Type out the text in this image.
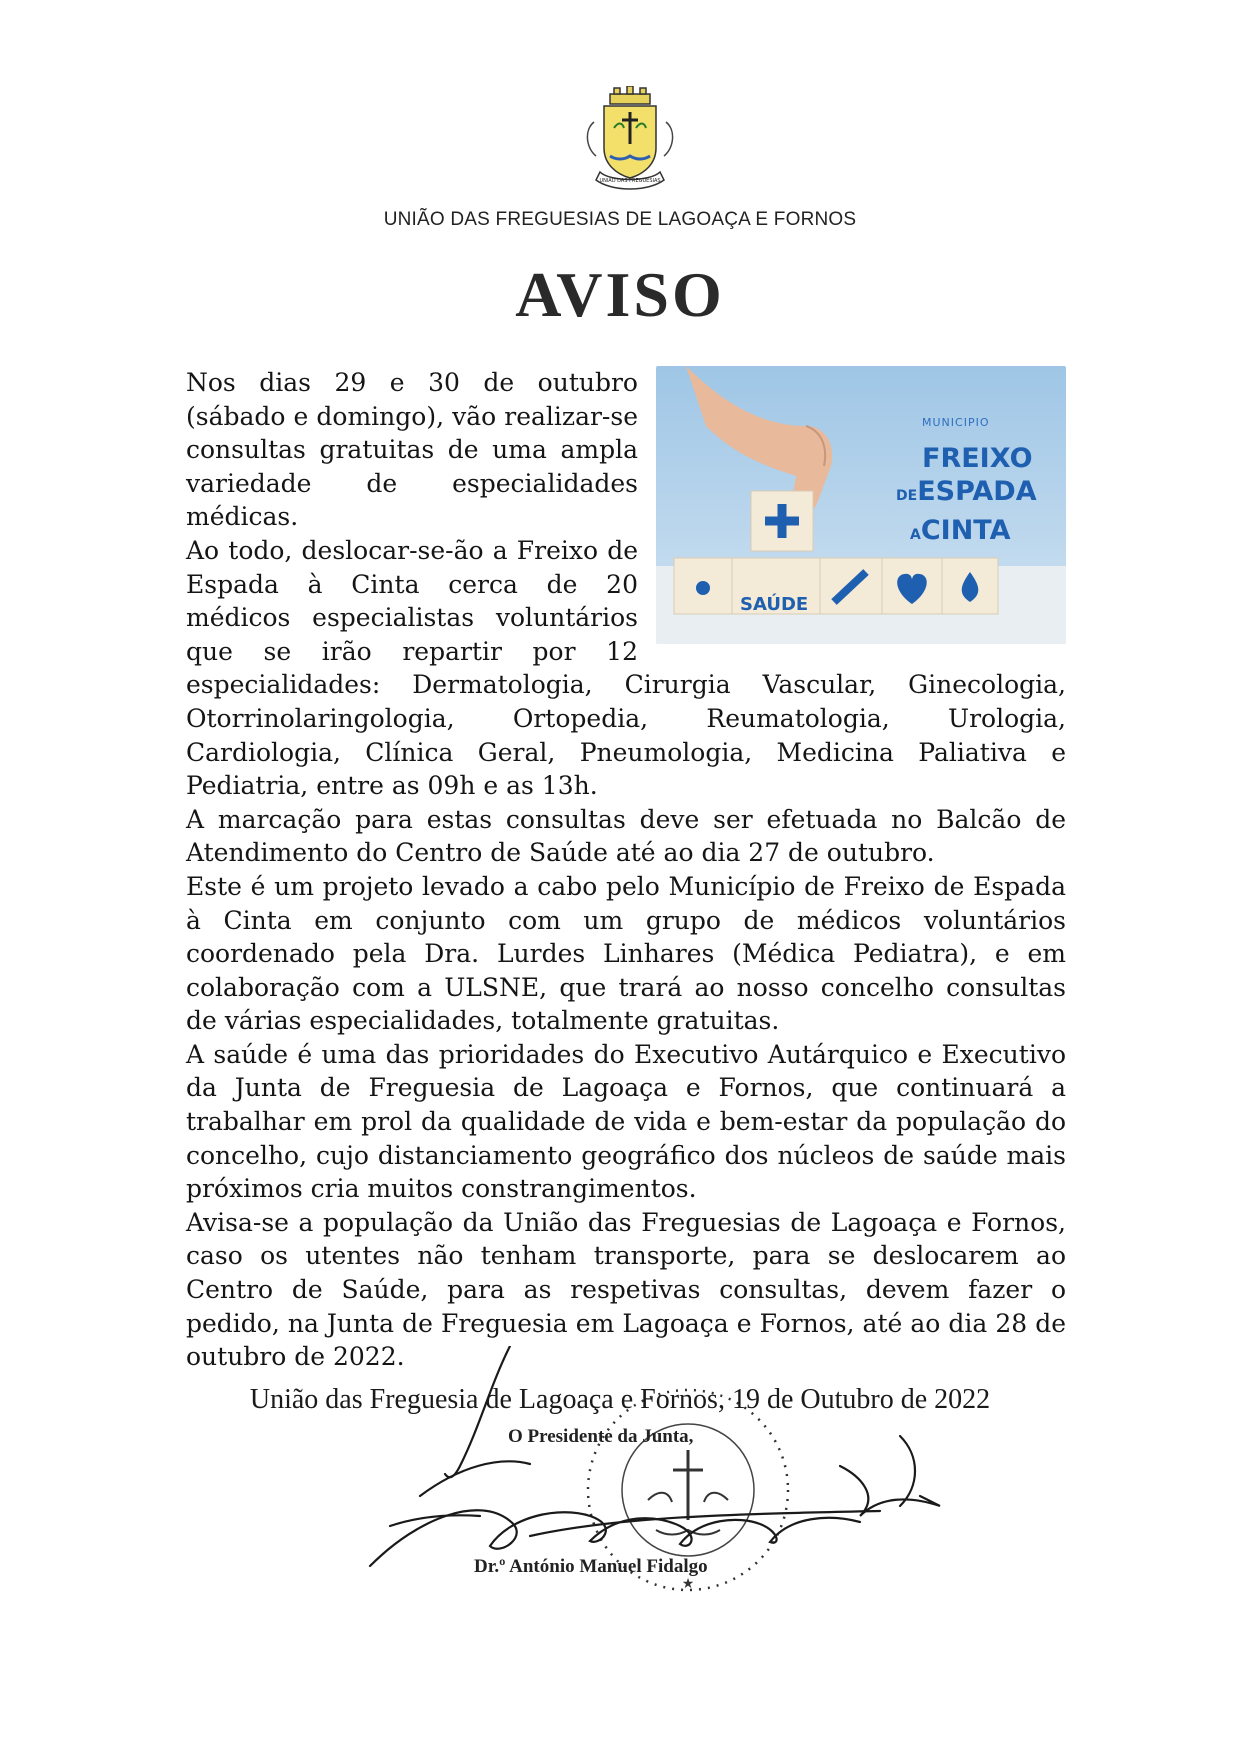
UNIÃO DAS FREGUESIAS
UNIÃO DAS FREGUESIAS DE LAGOAÇA E FORNOS
AVISO
MUNICIPIO
FREIXO
DEESPADA
ACINTA
SAÚDE

Nos dias 29 e 30 de outubro (sábado e domingo), vão realizar-se consultas gratuitas de uma ampla variedade de especialidades médicas.

Ao todo, deslocar-se-ão a Freixo de Espada à Cinta cerca de 20 médicos especialistas voluntários que se irão repartir por 12 especialidades: Dermatologia, Cirurgia Vascular, Ginecologia, Otorrinolaringologia, Ortopedia, Reumatologia, Urologia, Cardiologia, Clínica Geral, Pneumologia, Medicina Paliativa e Pediatria, entre as 09h e as 13h.

A marcação para estas consultas deve ser efetuada no Balcão de Atendimento do Centro de Saúde até ao dia 27 de outubro.

Este é um projeto levado a cabo pelo Município de Freixo de Espada à Cinta em conjunto com um grupo de médicos voluntários coordenado pela Dra. Lurdes Linhares (Médica Pediatra), e em colaboração com a ULSNE, que trará ao nosso concelho consultas de várias especialidades, totalmente gratuitas.

A saúde é uma das prioridades do Executivo Autárquico e Executivo da Junta de Freguesia de Lagoaça e Fornos, que continuará a trabalhar em prol da qualidade de vida e bem-estar da população do concelho, cujo distanciamento geográfico dos núcleos de saúde mais próximos cria muitos constrangimentos.

Avisa-se a população da União das Freguesias de Lagoaça e Fornos, caso os utentes não tenham transporte, para se deslocarem ao Centro de Saúde, para as respetivas consultas, devem fazer o pedido, na Junta de Freguesia em Lagoaça e Fornos, até ao dia 28 de outubro de 2022.

★
União das Freguesia de Lagoaça e Fornos, 19 de Outubro de 2022
O Presidente da Junta,
Dr.º António Manuel Fidalgo
